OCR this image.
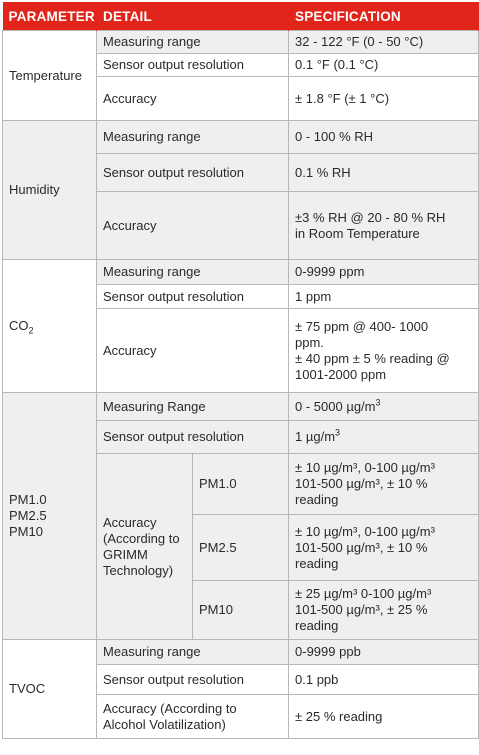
PARAMETER	DETAIL		SPECIFICATION
Temperature	Measuring range		32 - 122 °F (0 - 50 °C)
	Sensor output resolution		0.1 °F (0.1 °C)
	Accuracy		± 1.8 °F (± 1 °C)
Humidity	Measuring range		0 - 100 % RH
	Sensor output resolution		0.1 % RH
	Accuracy		±3 % RH @ 20 - 80 % RH
in Room Temperature
$CO_2$	Measuring range		0-9999 ppm
	Sensor output resolution		1 ppm
	Accuracy		± 75 ppm @ 400- 1000
ppm.
± 40 ppm ± 5 % reading @
1001-2000 ppm
PM1.0
PM2.5
PM10	Measuring Range		0 - 5000 $\mu g/m^3$
	Sensor output resolution		1 $\mu g/m^3$
	Accuracy
(According to
GRIMM
Technology)	PM1.0	± 10 µg/m³, 0-100 µg/m³
101-500 µg/m³, ± 10 %
reading
		PM2.5	± 10 µg/m³, 0-100 µg/m³
101-500 µg/m³, ± 10 %
reading
		PM10	± 25 µg/m³ 0-100 µg/m³
101-500 µg/m³, ± 25 %
reading
TVOC	Measuring range		0-9999 ppb
	Sensor output resolution		0.1 ppb
	Accuracy (According to
Alcohol Volatilization)		± 25 % reading
